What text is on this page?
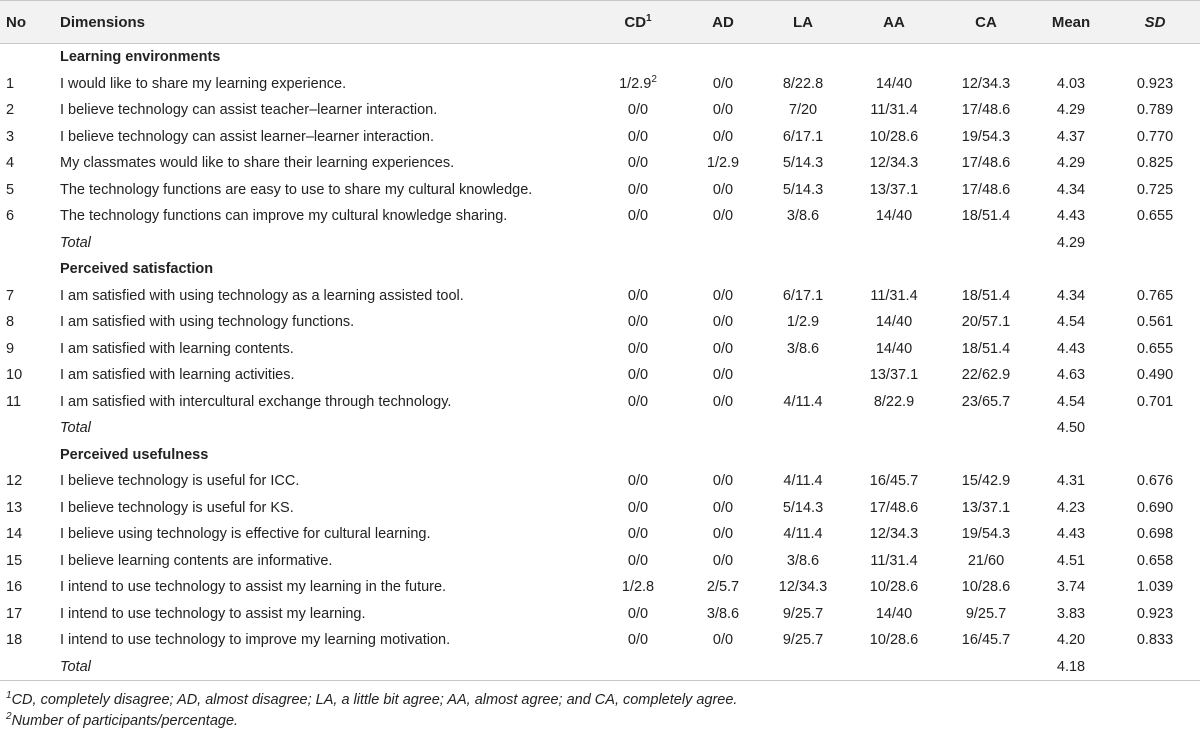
No	Dimensions	$CD^1$	AD	LA	AA	CA	Mean	SD
	Learning environments							
1	I would like to share my learning experience.	$1/2.9^2$	0/0	8/22.8	14/40	12/34.3	4.03	0.923
2	I believe technology can assist teacher–learner interaction.	0/0	0/0	7/20	11/31.4	17/48.6	4.29	0.789
3	I believe technology can assist learner–learner interaction.	0/0	0/0	6/17.1	10/28.6	19/54.3	4.37	0.770
4	My classmates would like to share their learning experiences.	0/0	1/2.9	5/14.3	12/34.3	17/48.6	4.29	0.825
5	The technology functions are easy to use to share my cultural knowledge.	0/0	0/0	5/14.3	13/37.1	17/48.6	4.34	0.725
6	The technology functions can improve my cultural knowledge sharing.	0/0	0/0	3/8.6	14/40	18/51.4	4.43	0.655
	Total						4.29	
	Perceived satisfaction							
7	I am satisfied with using technology as a learning assisted tool.	0/0	0/0	6/17.1	11/31.4	18/51.4	4.34	0.765
8	I am satisfied with using technology functions.	0/0	0/0	1/2.9	14/40	20/57.1	4.54	0.561
9	I am satisfied with learning contents.	0/0	0/0	3/8.6	14/40	18/51.4	4.43	0.655
10	I am satisfied with learning activities.	0/0	0/0		13/37.1	22/62.9	4.63	0.490
11	I am satisfied with intercultural exchange through technology.	0/0	0/0	4/11.4	8/22.9	23/65.7	4.54	0.701
	Total						4.50	
	Perceived usefulness							
12	I believe technology is useful for ICC.	0/0	0/0	4/11.4	16/45.7	15/42.9	4.31	0.676
13	I believe technology is useful for KS.	0/0	0/0	5/14.3	17/48.6	13/37.1	4.23	0.690
14	I believe using technology is effective for cultural learning.	0/0	0/0	4/11.4	12/34.3	19/54.3	4.43	0.698
15	I believe learning contents are informative.	0/0	0/0	3/8.6	11/31.4	21/60	4.51	0.658
16	I intend to use technology to assist my learning in the future.	1/2.8	2/5.7	12/34.3	10/28.6	10/28.6	3.74	1.039
17	I intend to use technology to assist my learning.	0/0	3/8.6	9/25.7	14/40	9/25.7	3.83	0.923
18	I intend to use technology to improve my learning motivation.	0/0	0/0	9/25.7	10/28.6	16/45.7	4.20	0.833
	Total						4.18	
$^1$CD, completely disagree; AD, almost disagree; LA, a little bit agree; AA, almost agree; and CA, completely agree.
$^2$Number of participants/percentage.
